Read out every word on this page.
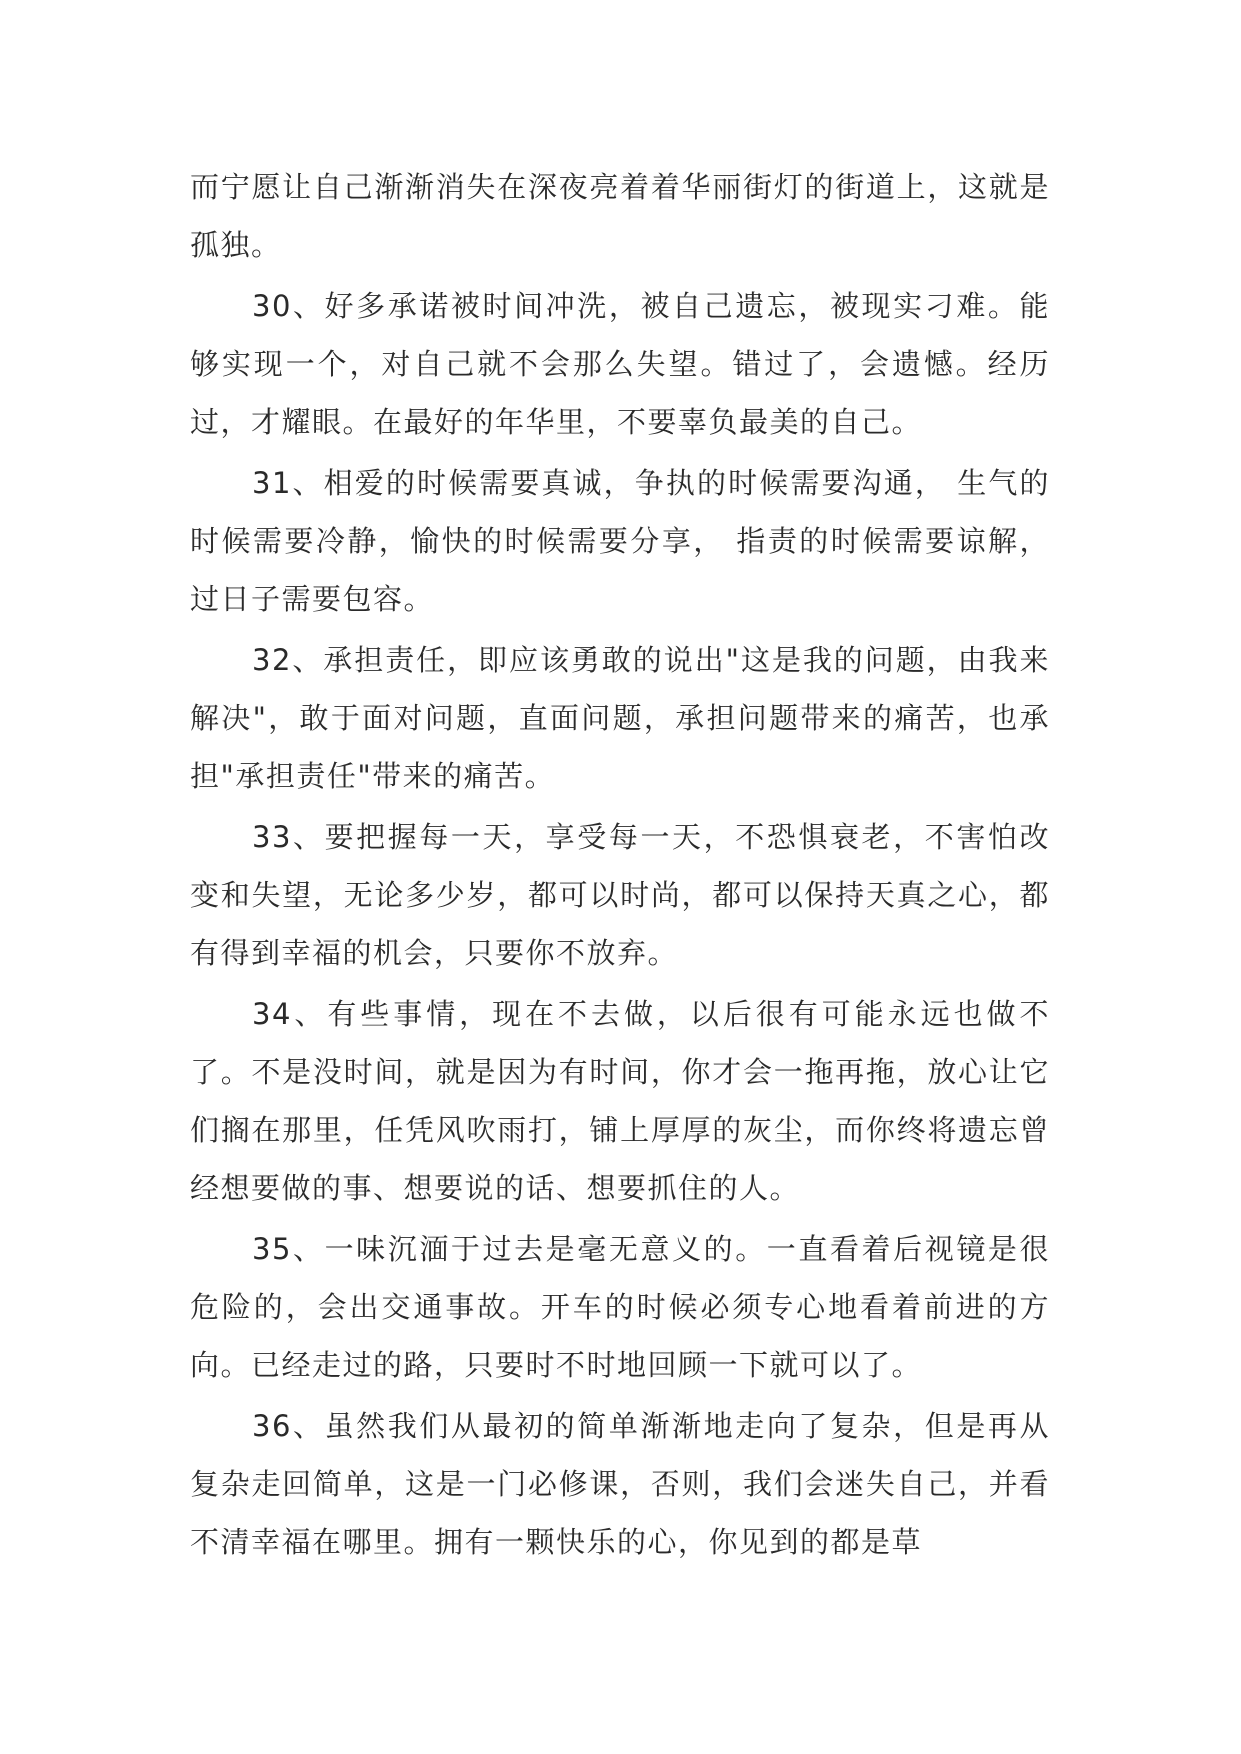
而宁愿让自己渐渐消失在深夜亮着着华丽街灯的街道上，这就是孤独。

30、好多承诺被时间冲洗，被自己遗忘，被现实刁难。能够实现一个，对自己就不会那么失望。错过了，会遗憾。经历过，才耀眼。在最好的年华里，不要辜负最美的自己。

31、相爱的时候需要真诚，争执的时候需要沟通， 生气的时候需要冷静，愉快的时候需要分享， 指责的时候需要谅解，过日子需要包容。

32、承担责任，即应该勇敢的说出"这是我的问题，由我来解决"，敢于面对问题，直面问题，承担问题带来的痛苦，也承担"承担责任"带来的痛苦。

33、要把握每一天，享受每一天，不恐惧衰老，不害怕改变和失望，无论多少岁，都可以时尚，都可以保持天真之心，都有得到幸福的机会，只要你不放弃。

34、有些事情，现在不去做，以后很有可能永远也做不了。不是没时间，就是因为有时间，你才会一拖再拖，放心让它们搁在那里，任凭风吹雨打，铺上厚厚的灰尘，而你终将遗忘曾经想要做的事、想要说的话、想要抓住的人。

35、一味沉湎于过去是毫无意义的。一直看着后视镜是很危险的，会出交通事故。开车的时候必须专心地看着前进的方向。已经走过的路，只要时不时地回顾一下就可以了。

36、虽然我们从最初的简单渐渐地走向了复杂，但是再从复杂走回简单，这是一门必修课，否则，我们会迷失自己，并看不清幸福在哪里。拥有一颗快乐的心，你见到的都是草
